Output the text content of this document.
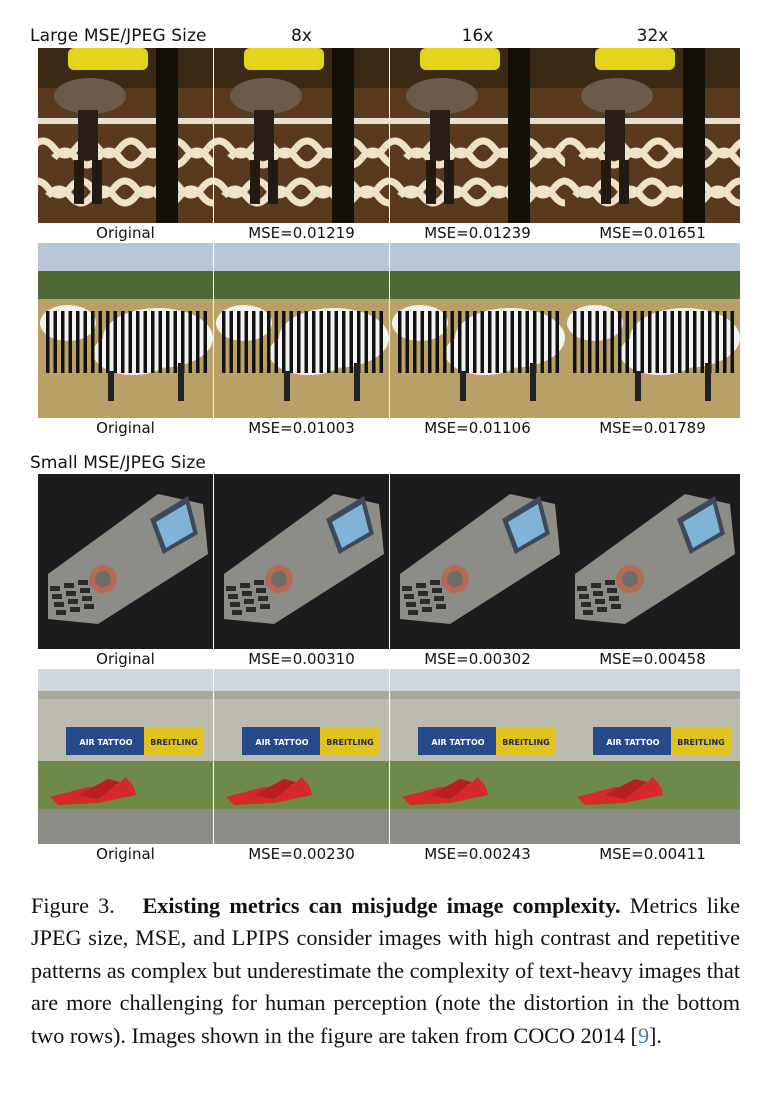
Large MSE/JPEG Size	8x	16x	32x
Original	MSE=0.01219	MSE=0.01239	MSE=0.01651
Original	MSE=0.01003	MSE=0.01106	MSE=0.01789
Small MSE/JPEG Size
Original	MSE=0.00310	MSE=0.00302	MSE=0.00458
AIR TATTOO BREITLING	AIR TATTOO BREITLING	AIR TATTOO BREITLING	AIR TATTOO BREITLING
Original	MSE=0.00230	MSE=0.00243	MSE=0.00411
Figure 3. Existing metrics can misjudge image complexity. Metrics like JPEG size, MSE, and LPIPS consider images with high contrast and repetitive patterns as complex but underestimate the complexity of text-heavy images that are more challenging for human perception (note the distortion in the bottom two rows). Images shown in the figure are taken from COCO 2014 [9].
